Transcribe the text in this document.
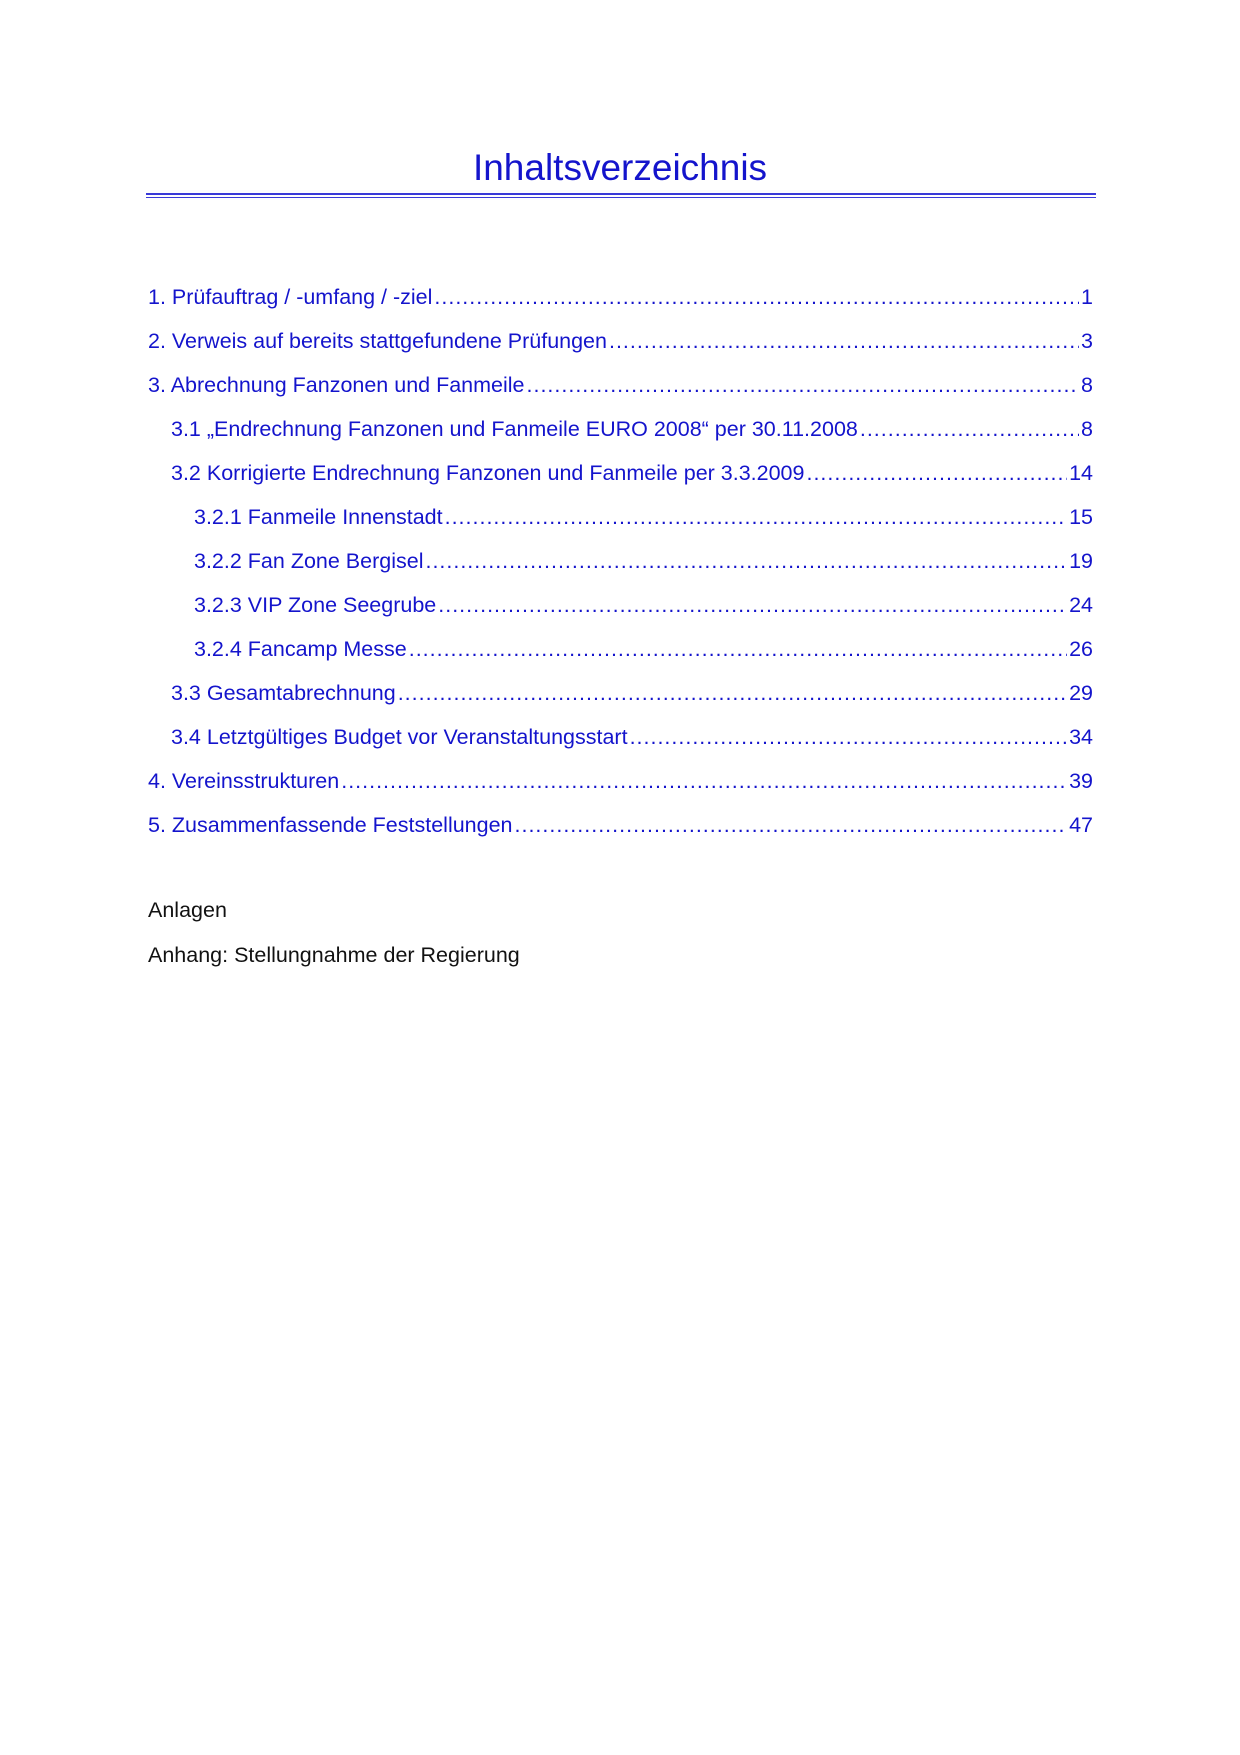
Inhaltsverzeichnis
1. Prüfauftrag / -umfang / -ziel .....	1
2. Verweis auf bereits stattgefundene Prüfungen .....	3
3. Abrechnung Fanzonen und Fanmeile .....	8
3.1 „Endrechnung Fanzonen und Fanmeile EURO 2008“ per 30.11.2008 .....	8
3.2 Korrigierte Endrechnung Fanzonen und Fanmeile per 3.3.2009 .....	14
3.2.1 Fanmeile Innenstadt .....	15
3.2.2 Fan Zone Bergisel .....	19
3.2.3 VIP Zone Seegrube .....	24
3.2.4 Fancamp Messe .....	26
3.3 Gesamtabrechnung .....	29
3.4 Letztgültiges Budget vor Veranstaltungsstart .....	34
4. Vereinsstrukturen .....	39
5. Zusammenfassende Feststellungen .....	47
Anlagen
Anhang: Stellungnahme der Regierung
